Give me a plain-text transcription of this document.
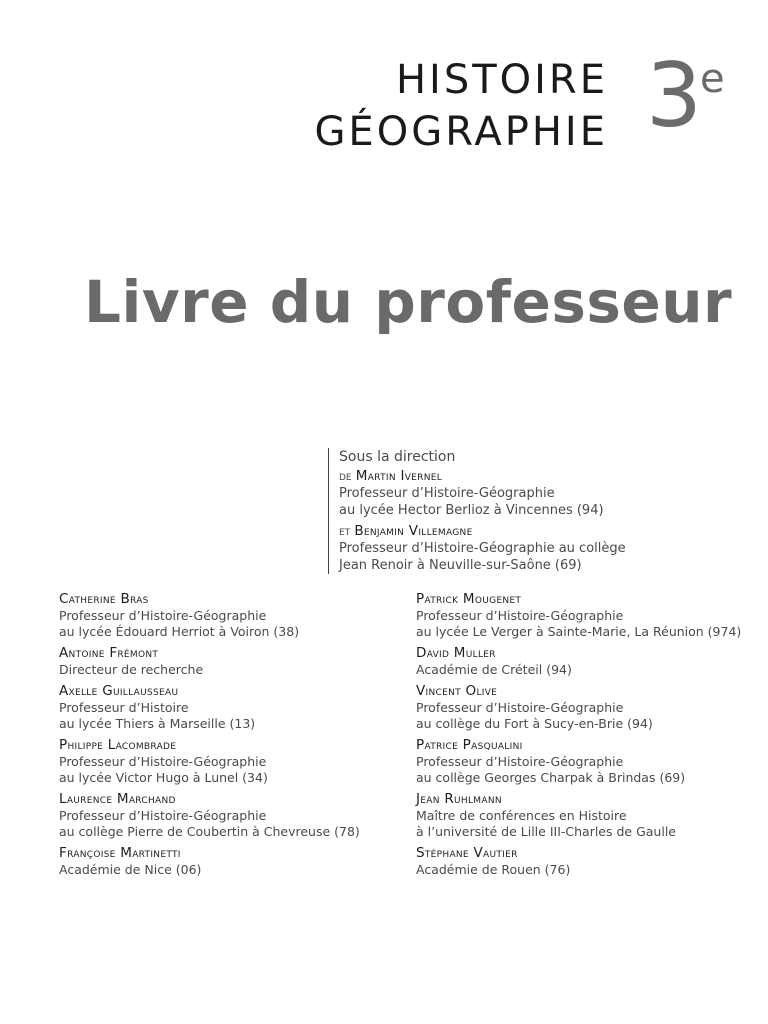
HISTOIRE
GÉOGRAPHIE 3
e
Livre du professeur
Sous la direction
de Martin Ivernel
Professeur d’Histoire-Géographie
au lycée Hector Berlioz à Vincennes (94)
et Benjamin Villemagne
Professeur d’Histoire-Géographie au collège
Jean Renoir à Neuville-sur-Saône (69)
Catherine Bras
Professeur d’Histoire-Géographie
au lycée Édouard Herriot à Voiron (38)
Antoine Frémont
Directeur de recherche
Axelle Guillausseau
Professeur d’Histoire
au lycée Thiers à Marseille (13)
Philippe Lacombrade
Professeur d’Histoire-Géographie
au lycée Victor Hugo à Lunel (34)
Laurence Marchand
Professeur d’Histoire-Géographie
au collège Pierre de Coubertin à Chevreuse (78)
Françoise Martinetti
Académie de Nice (06)
Patrick Mougenet
Professeur d’Histoire-Géographie
au lycée Le Verger à Sainte-Marie, La Réunion (974)
David Muller
Académie de Créteil (94)
Vincent Olive
Professeur d’Histoire-Géographie
au collège du Fort à Sucy-en-Brie (94)
Patrice Pasqualini
Professeur d’Histoire-Géographie
au collège Georges Charpak à Brindas (69)
Jean Ruhlmann
Maître de conférences en Histoire
à l’université de Lille III-Charles de Gaulle
Stéphane Vautier
Académie de Rouen (76)
